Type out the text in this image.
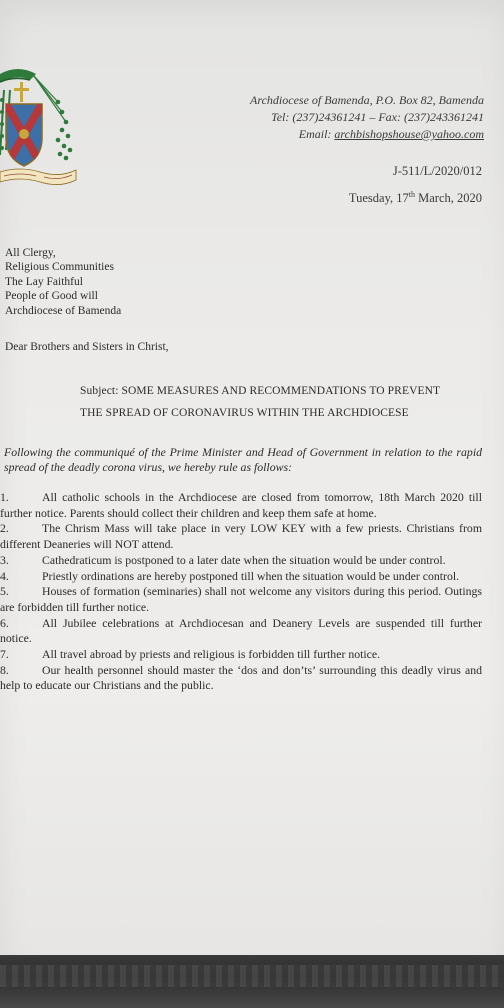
Archdiocese of Bamenda, P.O. Box 82, Bamenda
Tel: (237)24361241 – Fax: (237)243361241
Email: archbishopshouse@yahoo.com
J-511/L/2020/012
Tuesday, 17th March, 2020
All Clergy,
Religious Communities
The Lay Faithful
People of Good will
Archdiocese of Bamenda
Dear Brothers and Sisters in Christ,
Subject: SOME MEASURES AND RECOMMENDATIONS TO PREVENT
THE SPREAD OF CORONAVIRUS WITHIN THE ARCHDIOCESE
Following the communiqué of the Prime Minister and Head of Government in relation to the rapid spread of the deadly corona virus, we hereby rule as follows:

1.	All catholic schools in the Archdiocese are closed from tomorrow, 18th March 2020 till further notice. Parents should collect their children and keep them safe at home.

2.	The Chrism Mass will take place in very LOW KEY with a few priests. Christians from different Deaneries will NOT attend.

3.	Cathedraticum is postponed to a later date when the situation would be under control.

4.	Priestly ordinations are hereby postponed till when the situation would be under control.

5.	Houses of formation (seminaries) shall not welcome any visitors during this period. Outings are forbidden till further notice.

6.	All Jubilee celebrations at Archdiocesan and Deanery Levels are suspended till further notice.

7.	All travel abroad by priests and religious is forbidden till further notice.

8.	Our health personnel should master the ‘dos and don’ts’ surrounding this deadly virus and help to educate our Christians and the public.
